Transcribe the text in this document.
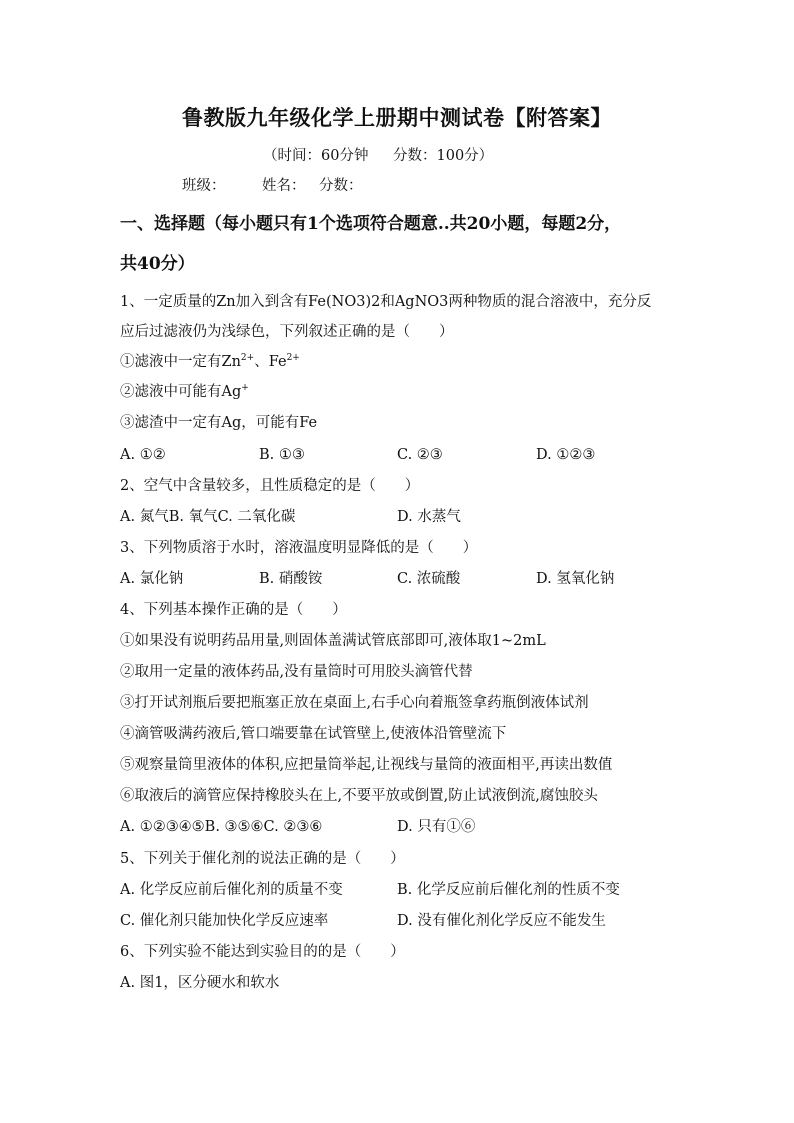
鲁教版九年级化学上册期中测试卷【附答案】
（时间：60分钟 分数：100分）
班级：	姓名： 分数：
一、选择题（每小题只有1个选项符合题意..共20小题，每题2分，
共40分）
1、一定质量的Zn加入到含有Fe(NO3)2和AgNO3两种物质的混合溶液中，充分反
应后过滤液仍为浅绿色，下列叙述正确的是（　　）
①滤液中一定有$Zn^{2+}$、$Fe^{2+}$
②滤液中可能有Ag+
③滤渣中一定有Ag，可能有Fe
A. ①②	B. ①③	C. ②③	D. ①②③
2、空气中含量较多，且性质稳定的是（　　）
A. 氮气B. 氧气C. 二氧化碳	D. 水蒸气
3、下列物质溶于水时，溶液温度明显降低的是（　　）
A. 氯化钠	B. 硝酸铵	C. 浓硫酸	D. 氢氧化钠
4、下列基本操作正确的是（　　）
①如果没有说明药品用量,则固体盖满试管底部即可,液体取1~2mL
②取用一定量的液体药品,没有量筒时可用胶头滴管代替
③打开试剂瓶后要把瓶塞正放在桌面上,右手心向着瓶签拿药瓶倒液体试剂
④滴管吸满药液后,管口端要靠在试管壁上,使液体沿管壁流下
⑤观察量筒里液体的体积,应把量筒举起,让视线与量筒的液面相平,再读出数值
⑥取液后的滴管应保持橡胶头在上,不要平放或倒置,防止试液倒流,腐蚀胶头
A. ①②③④⑤B. ③⑤⑥C. ②③⑥	D. 只有①⑥
5、下列关于催化剂的说法正确的是（　　）
A. 化学反应前后催化剂的质量不变	B. 化学反应前后催化剂的性质不变
C. 催化剂只能加快化学反应速率	D. 没有催化剂化学反应不能发生
6、下列实验不能达到实验目的的是（　　）
A. 图1，区分硬水和软水
